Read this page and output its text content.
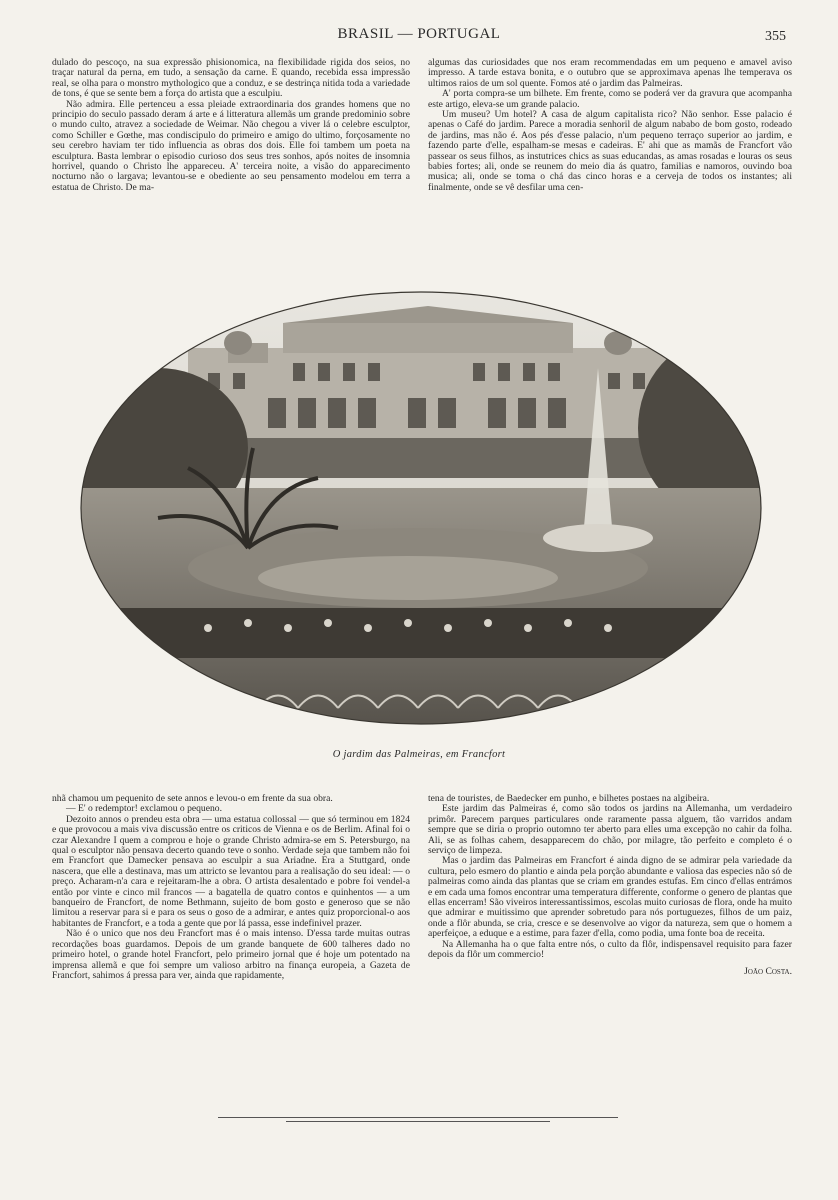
BRASIL — PORTUGAL	355

dulado do pescoço, na sua expressão phisionomica, na flexibilidade rigida dos seios, no traçar natural da perna, em tudo, a sensação da carne. E quando, recebida essa impressão real, se olha para o monstro mythologico que a conduz, e se destrinça nitida toda a variedade de tons, é que se sente bem a força do artista que a esculpiu.

Não admira. Elle pertenceu a essa pleiade extraordinaria dos grandes homens que no principio do seculo passado deram á arte e á litteratura allemãs um grande predominio sobre o mundo culto, atravez a sociedade de Weimar. Não chegou a viver lá o celebre esculptor, como Schiller e Gœthe, mas condiscipulo do primeiro e amigo do ultimo, forçosamente no seu cerebro haviam ter tido influencia as obras dos dois. Elle foi tambem um poeta na esculptura. Basta lembrar o episodio curioso dos seus tres sonhos, após noites de insomnia horrivel, quando o Christo lhe appareceu. A' terceira noite, a visão do apparecimento nocturno não o largava; levantou-se e obediente ao seu pensamento modelou em terra a estatua de Christo. De ma-

algumas das curiosidades que nos eram recommendadas em um pequeno e amavel aviso impresso. A tarde estava bonita, e o outubro que se approximava apenas lhe temperava os ultimos raios de um sol quente. Fomos até o jardim das Palmeiras.

A' porta compra-se um bilhete. Em frente, como se poderá ver da gravura que acompanha este artigo, eleva-se um grande palacio.

Um museu? Um hotel? A casa de algum capitalista rico? Não senhor. Esse palacio é apenas o Café do jardim. Parece a moradia senhoril de algum nababo de bom gosto, rodeado de jardins, mas não é. Aos pés d'esse palacio, n'um pequeno terraço superior ao jardim, e fazendo parte d'elle, espalham-se mesas e cadeiras. E' ahi que as mamãs de Francfort vão passear os seus filhos, as instutrices chics as suas educandas, as amas rosadas e louras os seus babies fortes; ali, onde se reunem do meio dia ás quatro, familias e namoros, ouvindo boa musica; ali, onde se toma o chá das cinco horas e a cerveja de todos os instantes; ali finalmente, onde se vê desfilar uma cen-

O jardim das Palmeiras, em Francfort

nhã chamou um pequenito de sete annos e levou-o em frente da sua obra.

— E' o redemptor! exclamou o pequeno.

Dezoito annos o prendeu esta obra — uma estatua collossal — que só terminou em 1824 e que provocou a mais viva discussão entre os criticos de Vienna e os de Berlim. Afinal foi o czar Alexandre I quem a comprou e hoje o grande Christo admira-se em S. Petersburgo, na qual o esculptor não pensava decerto quando teve o sonho. Verdade seja que tambem não foi em Francfort que Damecker pensava ao esculpir a sua Ariadne. Era a Stuttgard, onde nascera, que elle a destinava, mas um attricto se levantou para a realisação do seu ideal: — o preço. Acharam-n'a cara e rejeitaram-lhe a obra. O artista desalentado e pobre foi vendel-a então por vinte e cinco mil francos — a bagatella de quatro contos e quinhentos — a um banqueiro de Francfort, de nome Bethmann, sujeito de bom gosto e generoso que se não limitou a reservar para si e para os seus o goso de a admirar, e antes quiz proporcional-o aos habitantes de Francfort, e a toda a gente que por lá passa, esse indefinivel prazer.

Não é o unico que nos deu Francfort mas é o mais intenso. D'essa tarde muitas outras recordações boas guardamos. Depois de um grande banquete de 600 talheres dado no primeiro hotel, o grande hotel Francfort, pelo primeiro jornal que é hoje um potentado na imprensa allemã e que foi sempre um valioso arbitro na finança europeia, a Gazeta de Francfort, sahimos á pressa para ver, ainda que rapidamente,

tena de touristes, de Baedecker em punho, e bilhetes postaes na algibeira.

Este jardim das Palmeiras é, como são todos os jardins na Allemanha, um verdadeiro primôr. Parecem parques particulares onde raramente passa alguem, tão varridos andam sempre que se diria o proprio outomno ter aberto para elles uma excepção no cahir da folha. Ali, se as folhas cahem, desapparecem do chão, por milagre, tão perfeito e completo é o serviço de limpeza.

Mas o jardim das Palmeiras em Francfort é ainda digno de se admirar pela variedade da cultura, pelo esmero do plantio e ainda pela porção abundante e valiosa das especies não só de palmeiras como ainda das plantas que se criam em grandes estufas. Em cinco d'ellas entrámos e em cada uma fomos encontrar uma temperatura differente, conforme o genero de plantas que ellas encerram! São viveiros interessantissimos, escolas muito curiosas de flora, onde ha muito que admirar e muitissimo que aprender sobretudo para nós portuguezes, filhos de um paiz, onde a flôr abunda, se cria, cresce e se desenvolve ao vigor da natureza, sem que o homem a aperfeiçoe, a eduque e a estime, para fazer d'ella, como podia, uma fonte boa de receita.

Na Allemanha ha o que falta entre nós, o culto da flôr, indispensavel requisito para fazer depois da flôr um commercio!

João Costa.
